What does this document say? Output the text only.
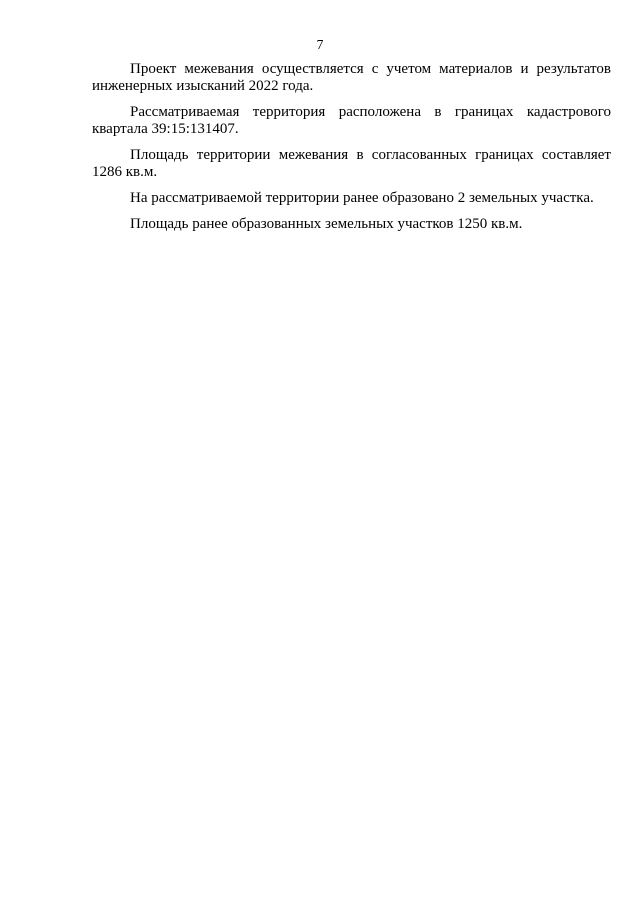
7

Проект межевания осуществляется с учетом материалов и результатов инженерных изысканий 2022 года.

Рассматриваемая территория расположена в границах кадастрового квартала 39:15:131407.

Площадь территории межевания в согласованных границах составляет 1286 кв.м.

На рассматриваемой территории ранее образовано 2 земельных участка.

Площадь ранее образованных земельных участков 1250 кв.м.
